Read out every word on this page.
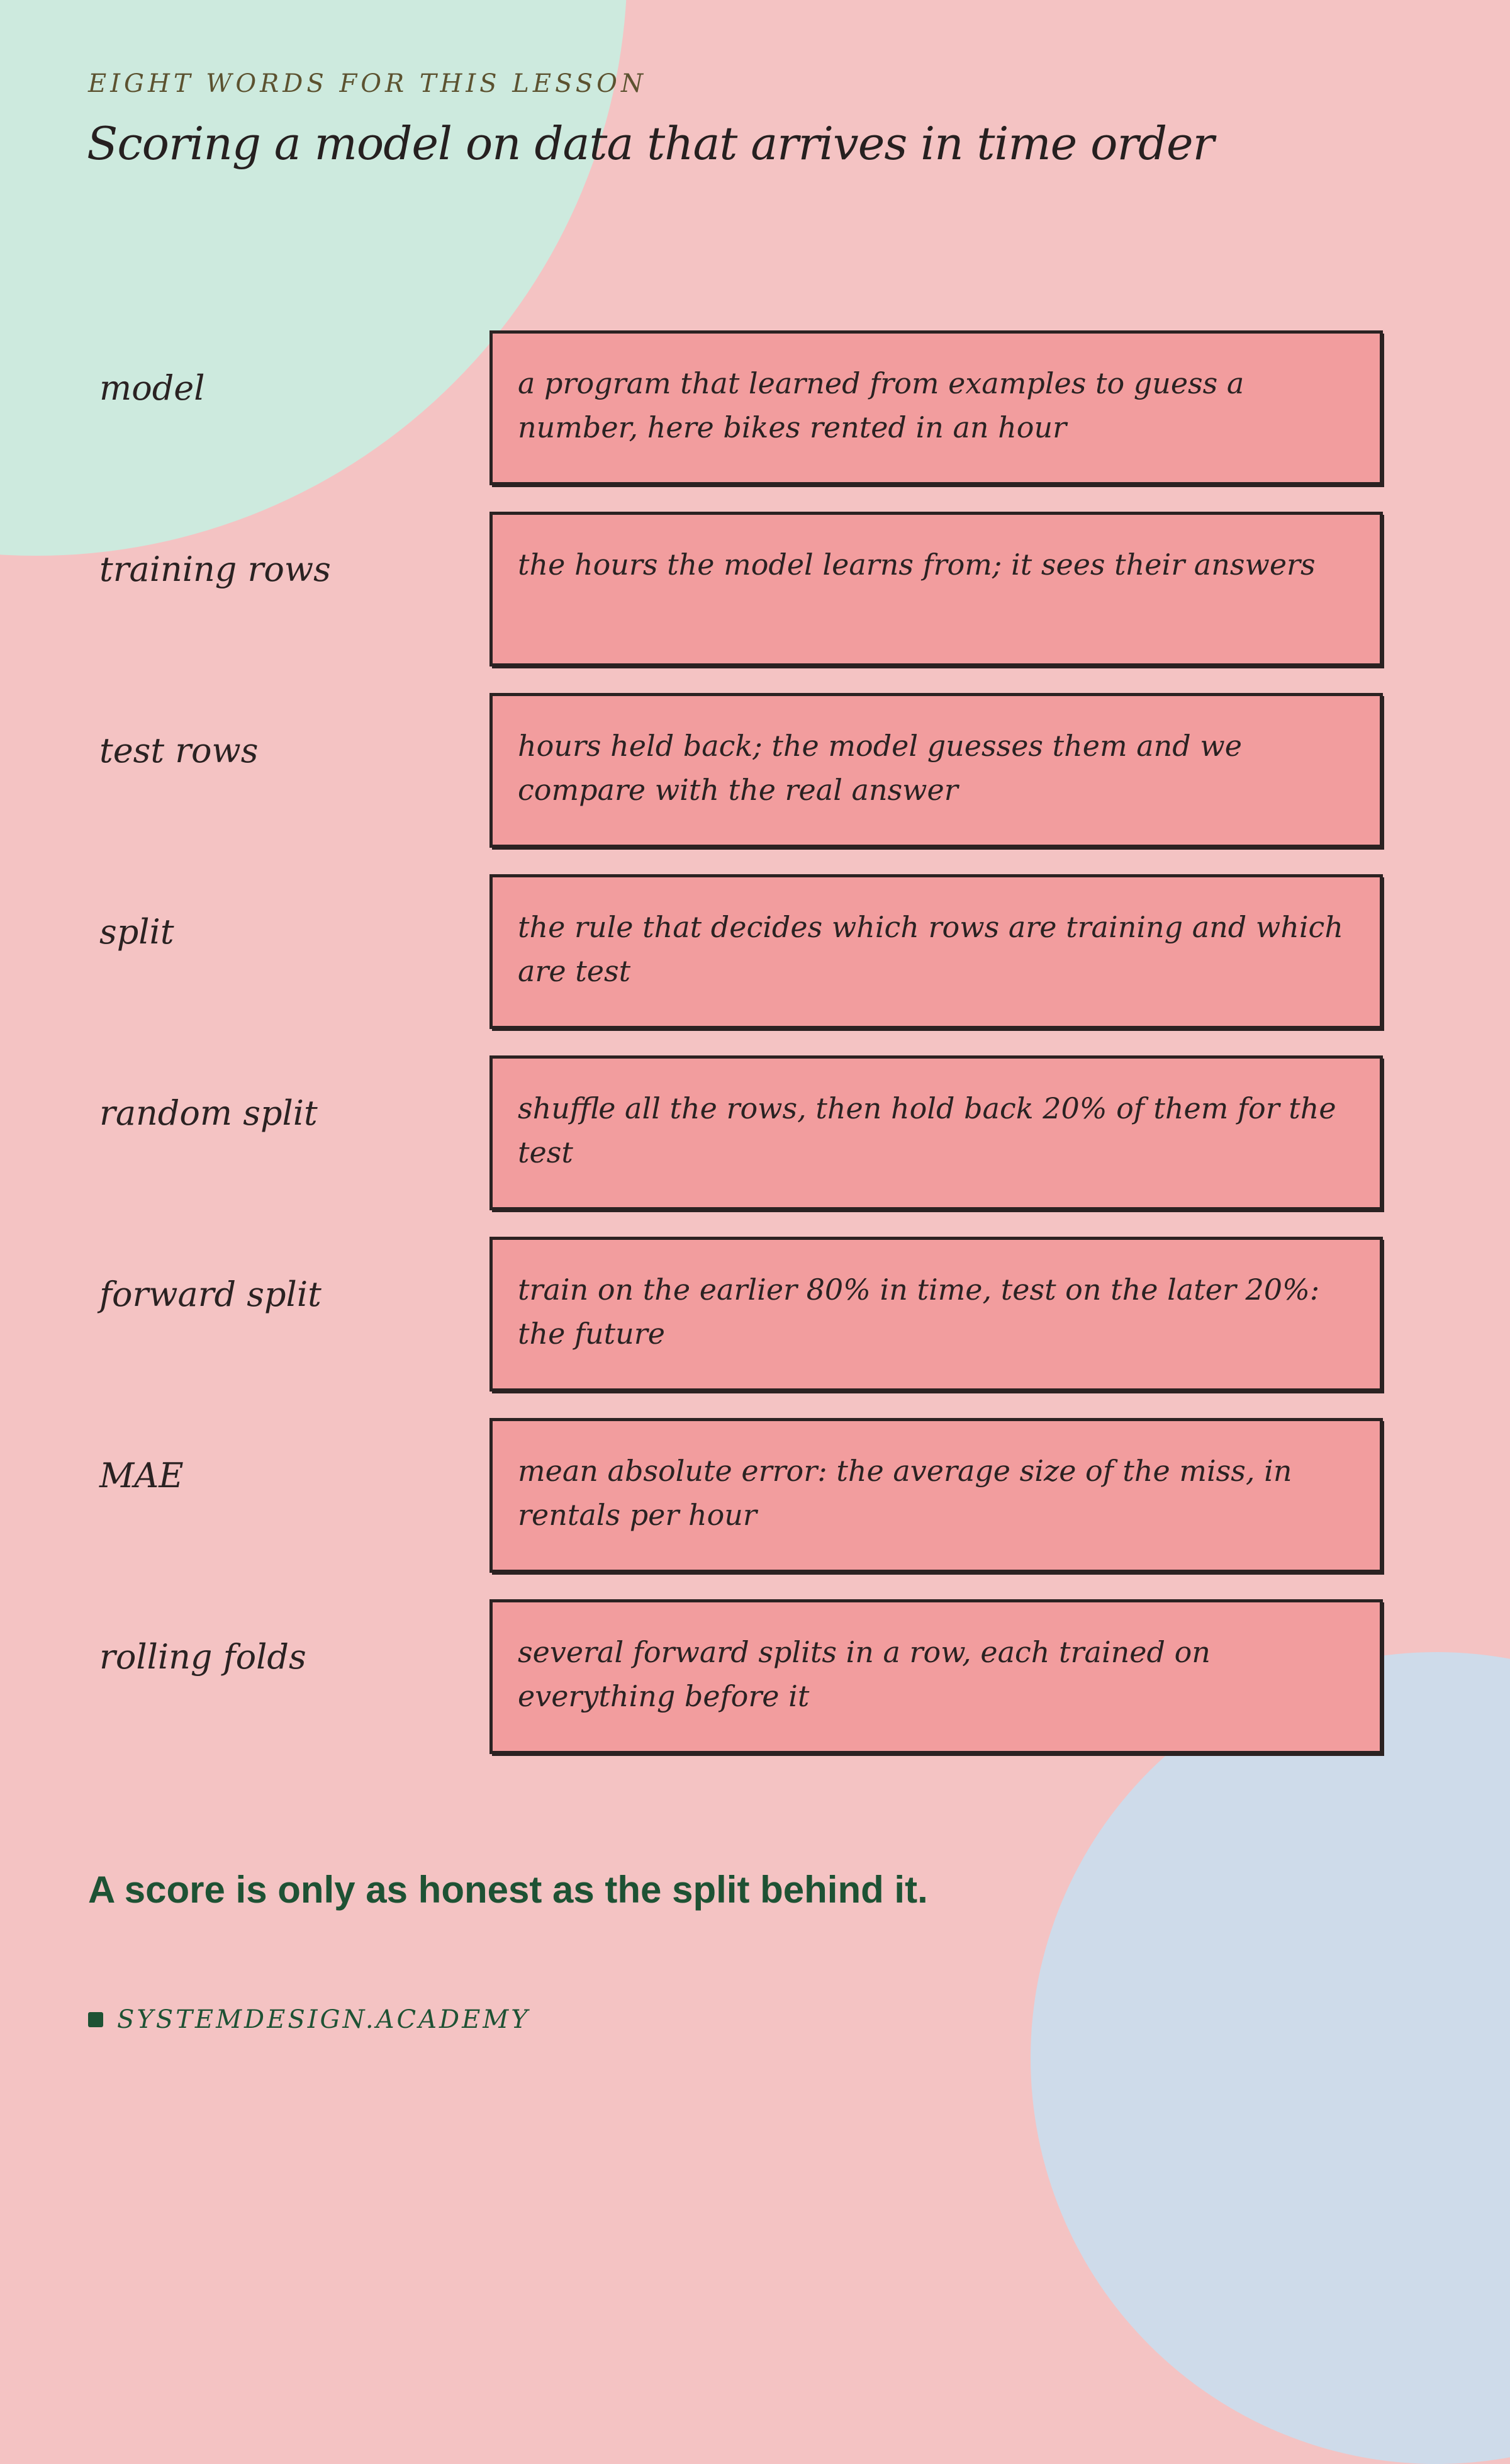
EIGHT WORDS FOR THIS LESSON
Scoring a model on data that arrives in time order
model	a program that learned from examples to guess a number, here bikes rented in an hour
training rows	the hours the model learns from; it sees their answers
test rows	hours held back; the model guesses them and we compare with the real answer
split	the rule that decides which rows are training and which are test
random split	shuffle all the rows, then hold back 20% of them for the test
forward split	train on the earlier 80% in time, test on the later 20%: the future
MAE	mean absolute error: the average size of the miss, in rentals per hour
rolling folds	several forward splits in a row, each trained on everything before it
A score is only as honest as the split behind it.
SYSTEMDESIGN.ACADEMY
